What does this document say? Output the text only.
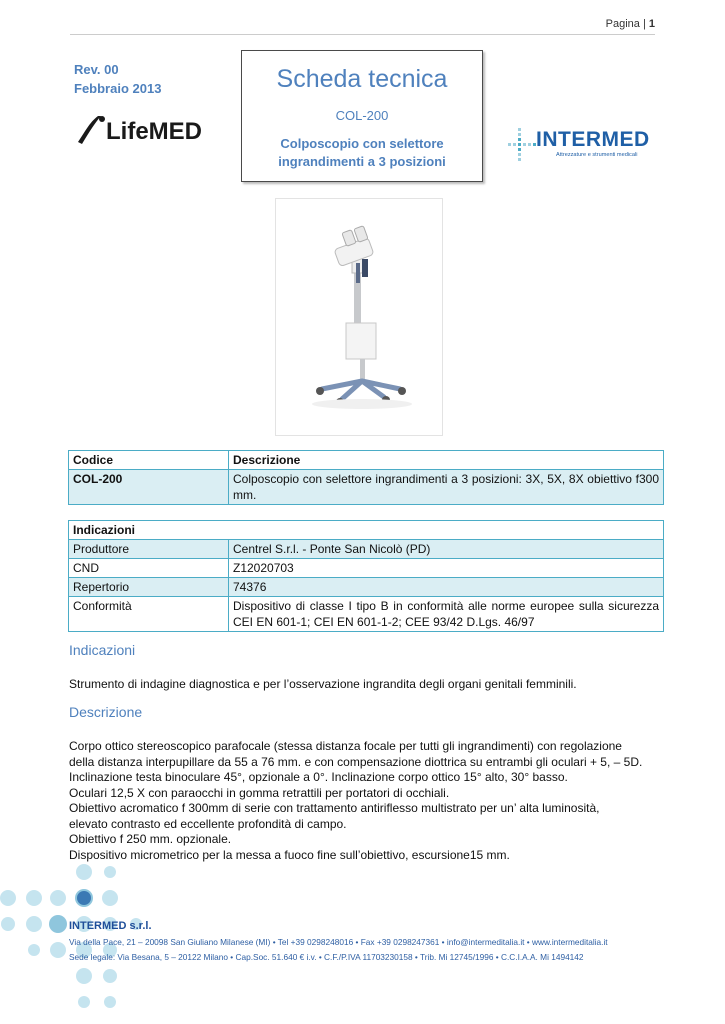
Pagina | 1
Rev. 00
Febbraio 2013
LifeMED
Scheda tecnica
COL-200
Colposcopio con selettore
ingrandimenti a 3 posizioni
INTERMED
Attrezzature e strumenti medicali
Codice	Descrizione
COL-200	Colposcopio con selettore ingrandimenti a 3 posizioni: 3X, 5X, 8X obiettivo f300 mm.
Indicazioni	
Produttore	Centrel S.r.l. - Ponte San Nicolò (PD)
CND	Z12020703
Repertorio	74376
Conformità	Dispositivo di classe I tipo B in conformità alle norme europee sulla sicurezza CEI EN 601-1; CEI EN 601-1-2; CEE 93/42 D.Lgs. 46/97
Indicazioni
Strumento di indagine diagnostica e per l’osservazione ingrandita degli organi genitali femminili.
Descrizione
Corpo ottico stereoscopico parafocale (stessa distanza focale per tutti gli ingrandimenti) con regolazione
della distanza interpupillare da 55 a 76 mm. e con compensazione diottrica su entrambi gli oculari + 5, – 5D.
Inclinazione testa binoculare 45°, opzionale a 0°. Inclinazione corpo ottico 15° alto, 30° basso.
Oculari 12,5 X con paraocchi in gomma retrattili per portatori di occhiali.
Obiettivo acromatico f 300mm di serie con trattamento antiriflesso multistrato per un’ alta luminosità,
elevato contrasto ed eccellente profondità di campo.
Obiettivo f 250 mm. opzionale.
Dispositivo micrometrico per la messa a fuoco fine sull’obiettivo, escursione15 mm.
INTERMED s.r.l.
Via della Pace, 21 – 20098 San Giuliano Milanese (MI) • Tel +39 0298248016 • Fax +39 0298247361 • info@intermeditalia.it • www.intermeditalia.it
Sede legale: Via Besana, 5 – 20122 Milano • Cap.Soc. 51.640 € i.v. • C.F./P.IVA 11703230158 • Trib. Mi 12745/1996 • C.C.I.A.A. Mi 1494142
